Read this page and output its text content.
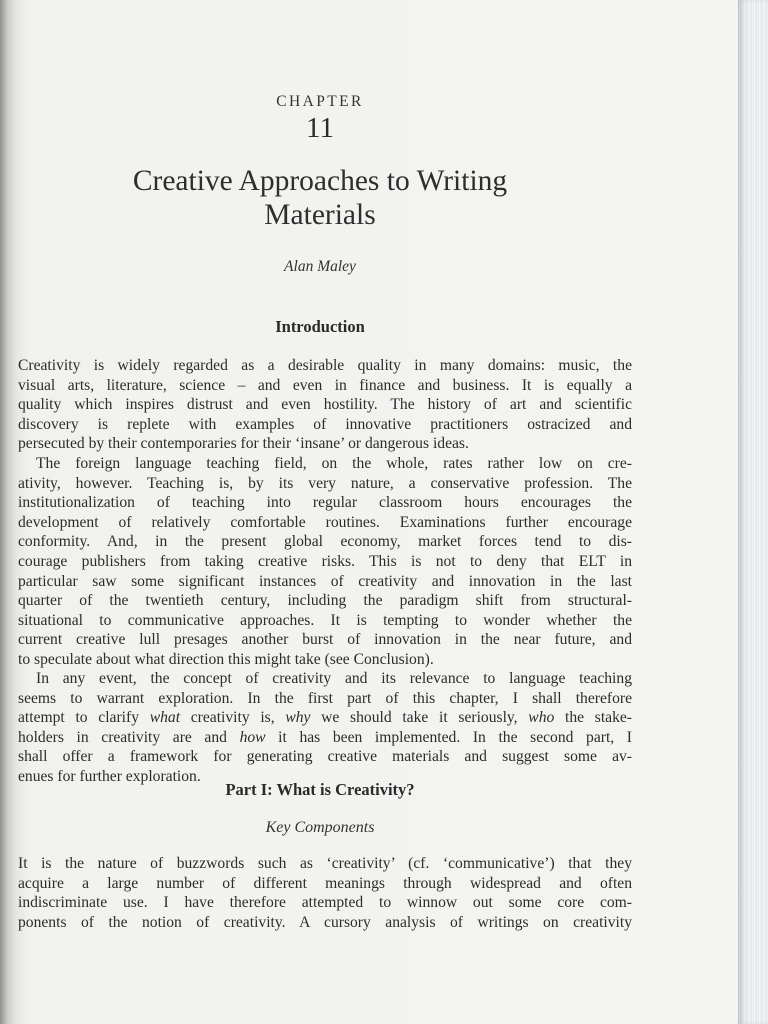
CHAPTER
11
Creative Approaches to Writing
Materials
Alan Maley
Introduction
Creativity is widely regarded as a desirable quality in many domains: music, the
visual arts, literature, science – and even in finance and business. It is equally a
quality which inspires distrust and even hostility. The history of art and scientific
discovery is replete with examples of innovative practitioners ostracized and
persecuted by their contemporaries for their ‘insane’ or dangerous ideas.
The foreign language teaching field, on the whole, rates rather low on cre-
ativity, however. Teaching is, by its very nature, a conservative profession. The
institutionalization of teaching into regular classroom hours encourages the
development of relatively comfortable routines. Examinations further encourage
conformity. And, in the present global economy, market forces tend to dis-
courage publishers from taking creative risks. This is not to deny that ELT in
particular saw some significant instances of creativity and innovation in the last
quarter of the twentieth century, including the paradigm shift from structural-
situational to communicative approaches. It is tempting to wonder whether the
current creative lull presages another burst of innovation in the near future, and
to speculate about what direction this might take (see Conclusion).
In any event, the concept of creativity and its relevance to language teaching
seems to warrant exploration. In the first part of this chapter, I shall therefore
attempt to clarify what creativity is, why we should take it seriously, who the stake-
holders in creativity are and how it has been implemented. In the second part, I
shall offer a framework for generating creative materials and suggest some av-
enues for further exploration.
Part I: What is Creativity?
Key Components
It is the nature of buzzwords such as ‘creativity’ (cf. ‘communicative’) that they
acquire a large number of different meanings through widespread and often
indiscriminate use. I have therefore attempted to winnow out some core com-
ponents of the notion of creativity. A cursory analysis of writings on creativity
